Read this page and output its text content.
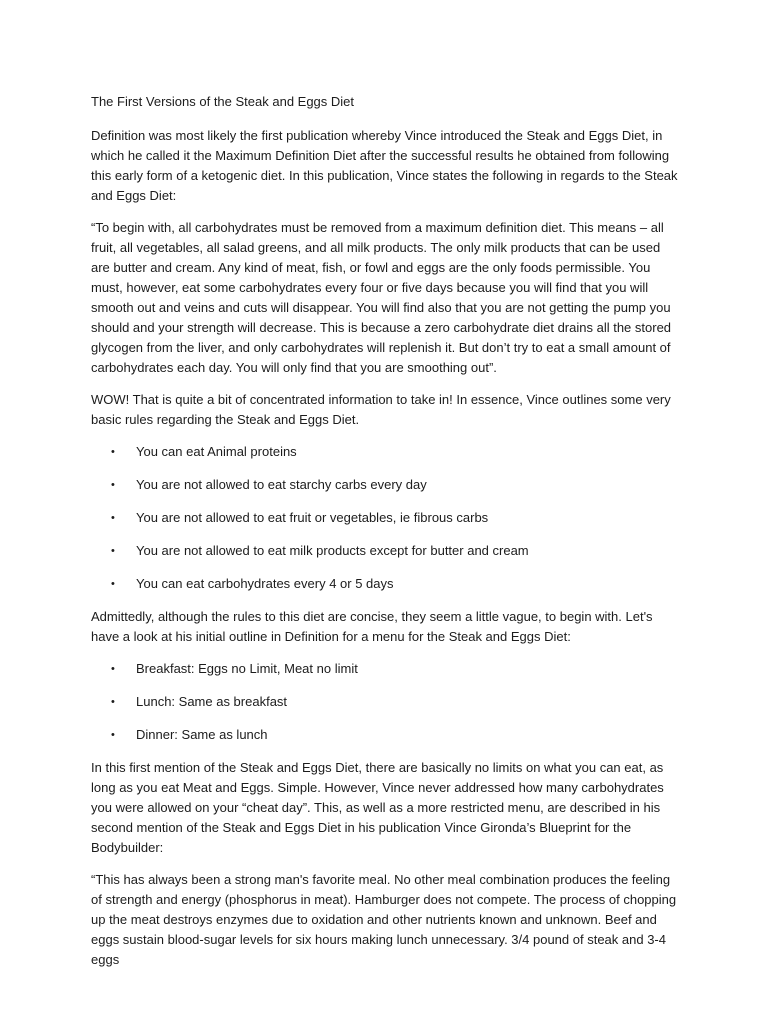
The First Versions of the Steak and Eggs Diet

Definition was most likely the first publication whereby Vince introduced the Steak and Eggs Diet, in which he called it the Maximum Definition Diet after the successful results he obtained from following this early form of a ketogenic diet. In this publication, Vince states the following in regards to the Steak and Eggs Diet:

“To begin with, all carbohydrates must be removed from a maximum definition diet. This means – all fruit, all vegetables, all salad greens, and all milk products. The only milk products that can be used are butter and cream. Any kind of meat, fish, or fowl and eggs are the only foods permissible. You must, however, eat some carbohydrates every four or five days because you will find that you will smooth out and veins and cuts will disappear. You will find also that you are not getting the pump you should and your strength will decrease. This is because a zero carbohydrate diet drains all the stored glycogen from the liver, and only carbohydrates will replenish it. But don’t try to eat a small amount of carbohydrates each day. You will only find that you are smoothing out”.

WOW! That is quite a bit of concentrated information to take in! In essence, Vince outlines some very basic rules regarding the Steak and Eggs Diet.

• You can eat Animal proteins
• You are not allowed to eat starchy carbs every day
• You are not allowed to eat fruit or vegetables, ie fibrous carbs
• You are not allowed to eat milk products except for butter and cream
• You can eat carbohydrates every 4 or 5 days

Admittedly, although the rules to this diet are concise, they seem a little vague, to begin with. Let's have a look at his initial outline in Definition for a menu for the Steak and Eggs Diet:

• Breakfast: Eggs no Limit, Meat no limit
• Lunch: Same as breakfast
• Dinner: Same as lunch

In this first mention of the Steak and Eggs Diet, there are basically no limits on what you can eat, as long as you eat Meat and Eggs. Simple. However, Vince never addressed how many carbohydrates you were allowed on your “cheat day”. This, as well as a more restricted menu, are described in his second mention of the Steak and Eggs Diet in his publication Vince Gironda’s Blueprint for the Bodybuilder:

“This has always been a strong man's favorite meal. No other meal combination produces the feeling of strength and energy (phosphorus in meat). Hamburger does not compete. The process of chopping up the meat destroys enzymes due to oxidation and other nutrients known and unknown. Beef and eggs sustain blood-sugar levels for six hours making lunch unnecessary. 3/4 pound of steak and 3-4 eggs
